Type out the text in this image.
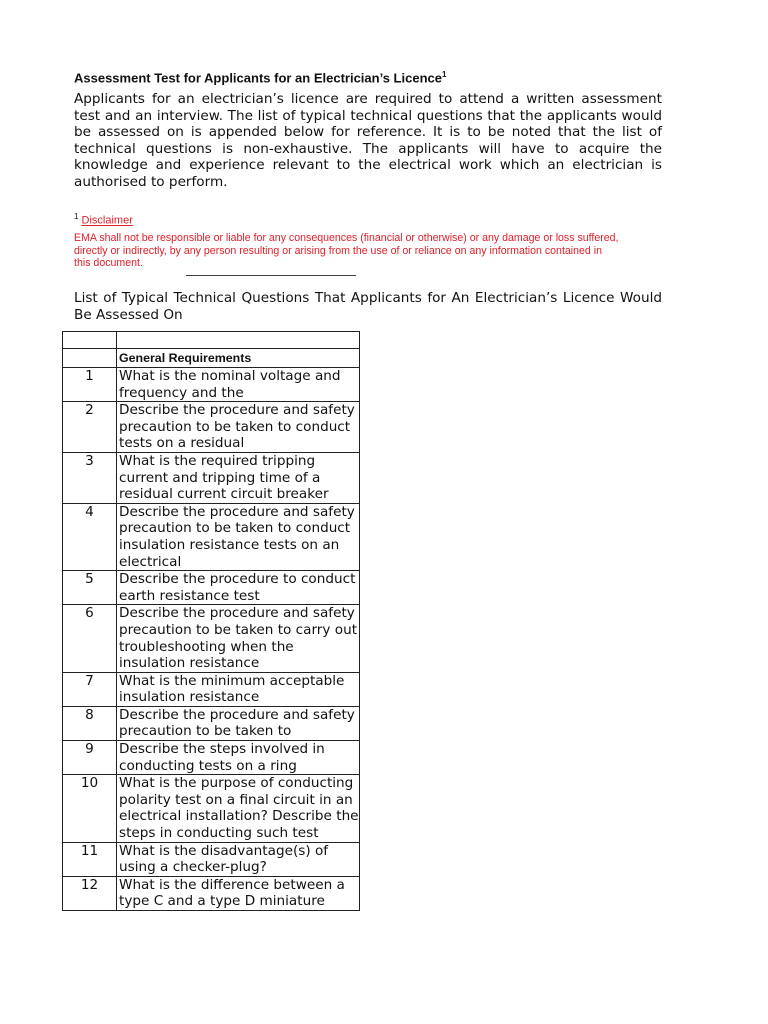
Assessment Test for Applicants for an Electrician’s Licence$^1$

Applicants for an electrician’s licence are required to attend a written assessment test and an interview. The list of typical technical questions that the applicants would be assessed on is appended below for reference. It is to be noted that the list of technical questions is non-exhaustive. The applicants will have to acquire the knowledge and experience relevant to the electrical work which an electrician is authorised to perform.

$^1$ Disclaimer

EMA shall not be responsible or liable for any consequences (financial or otherwise) or any damage or loss suffered, directly or indirectly, by any person resulting or arising from the use of or reliance on any information contained in this document.

List of Typical Technical Questions That Applicants for An Electrician’s Licence Would Be Assessed On

	General Requirements
1	What is the nominal voltage and frequency and the

2	Describe the procedure and safety precaution to be taken to conduct tests on a residual

3	What is the required tripping current and tripping time of a residual current circuit breaker

4	Describe the procedure and safety precaution to be taken to conduct insulation resistance tests on an electrical

5	Describe the procedure to conduct earth resistance test

6	Describe the procedure and safety precaution to be taken to carry out troubleshooting when the insulation resistance

7	What is the minimum acceptable insulation resistance

8	Describe the procedure and safety precaution to be taken to

9	Describe the steps involved in conducting tests on a ring

10	What is the purpose of conducting polarity test on a final circuit in an electrical installation? Describe the steps in conducting such test

11	What is the disadvantage(s) of using a checker-plug?

12	What is the difference between a type C and a type D miniature
